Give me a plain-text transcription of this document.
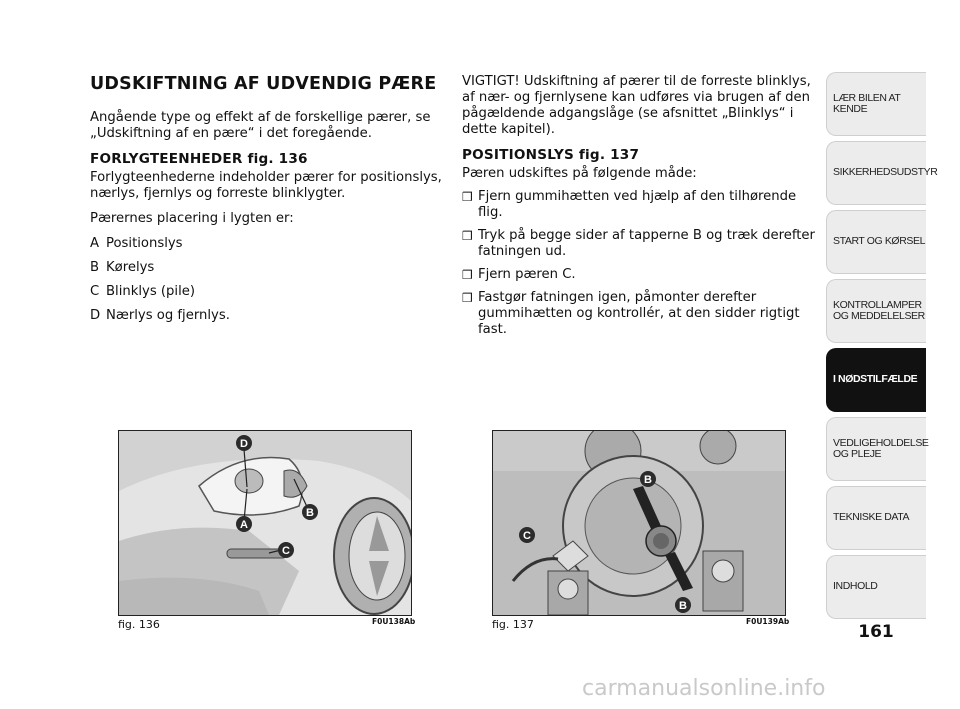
UDSKIFTNING AF UDVENDIG PÆRE

Angående type og effekt af de forskellige pærer, se „Udskiftning af en pære“ i det foregående.

FORLYGTEENHEDER fig. 136

Forlygteenhederne indeholder pærer for positionslys, nærlys, fjernlys og forreste blinklygter.

Pærernes placering i lygten er:

A Positionslys
B Kørelys
C Blinklys (pile)
D Nærlys og fjernlys.

VIGTIGT! Udskiftning af pærer til de forreste blinklys, af nær- og fjernlysene kan udføres via brugen af den pågældende adgangslåge (se afsnittet „Blinklys“ i dette kapitel).

POSITIONSLYS fig. 137

Pæren udskiftes på følgende måde:

❒ Fjern gummihætten ved hjælp af den tilhørende flig.
❒ Tryk på begge sider af tapperne B og træk derefter fatningen ud.
❒ Fjern pæren C.
❒ Fastgør fatningen igen, påmonter derefter gummihætten og kontrollér, at den sidder rigtigt fast.
D
A
B
C
fig. 136	F0U138Ab
B
C
B
fig. 137	F0U139Ab
LÆR BILEN AT KENDE
SIKKERHEDSUDSTYR
START OG KØRSEL
KONTROLLAMPER OG MEDDELELSER
I NØDSTILFÆLDE
VEDLIGEHOLDELSE OG PLEJE
TEKNISKE DATA
INDHOLD
161
carmanualsonline.info
